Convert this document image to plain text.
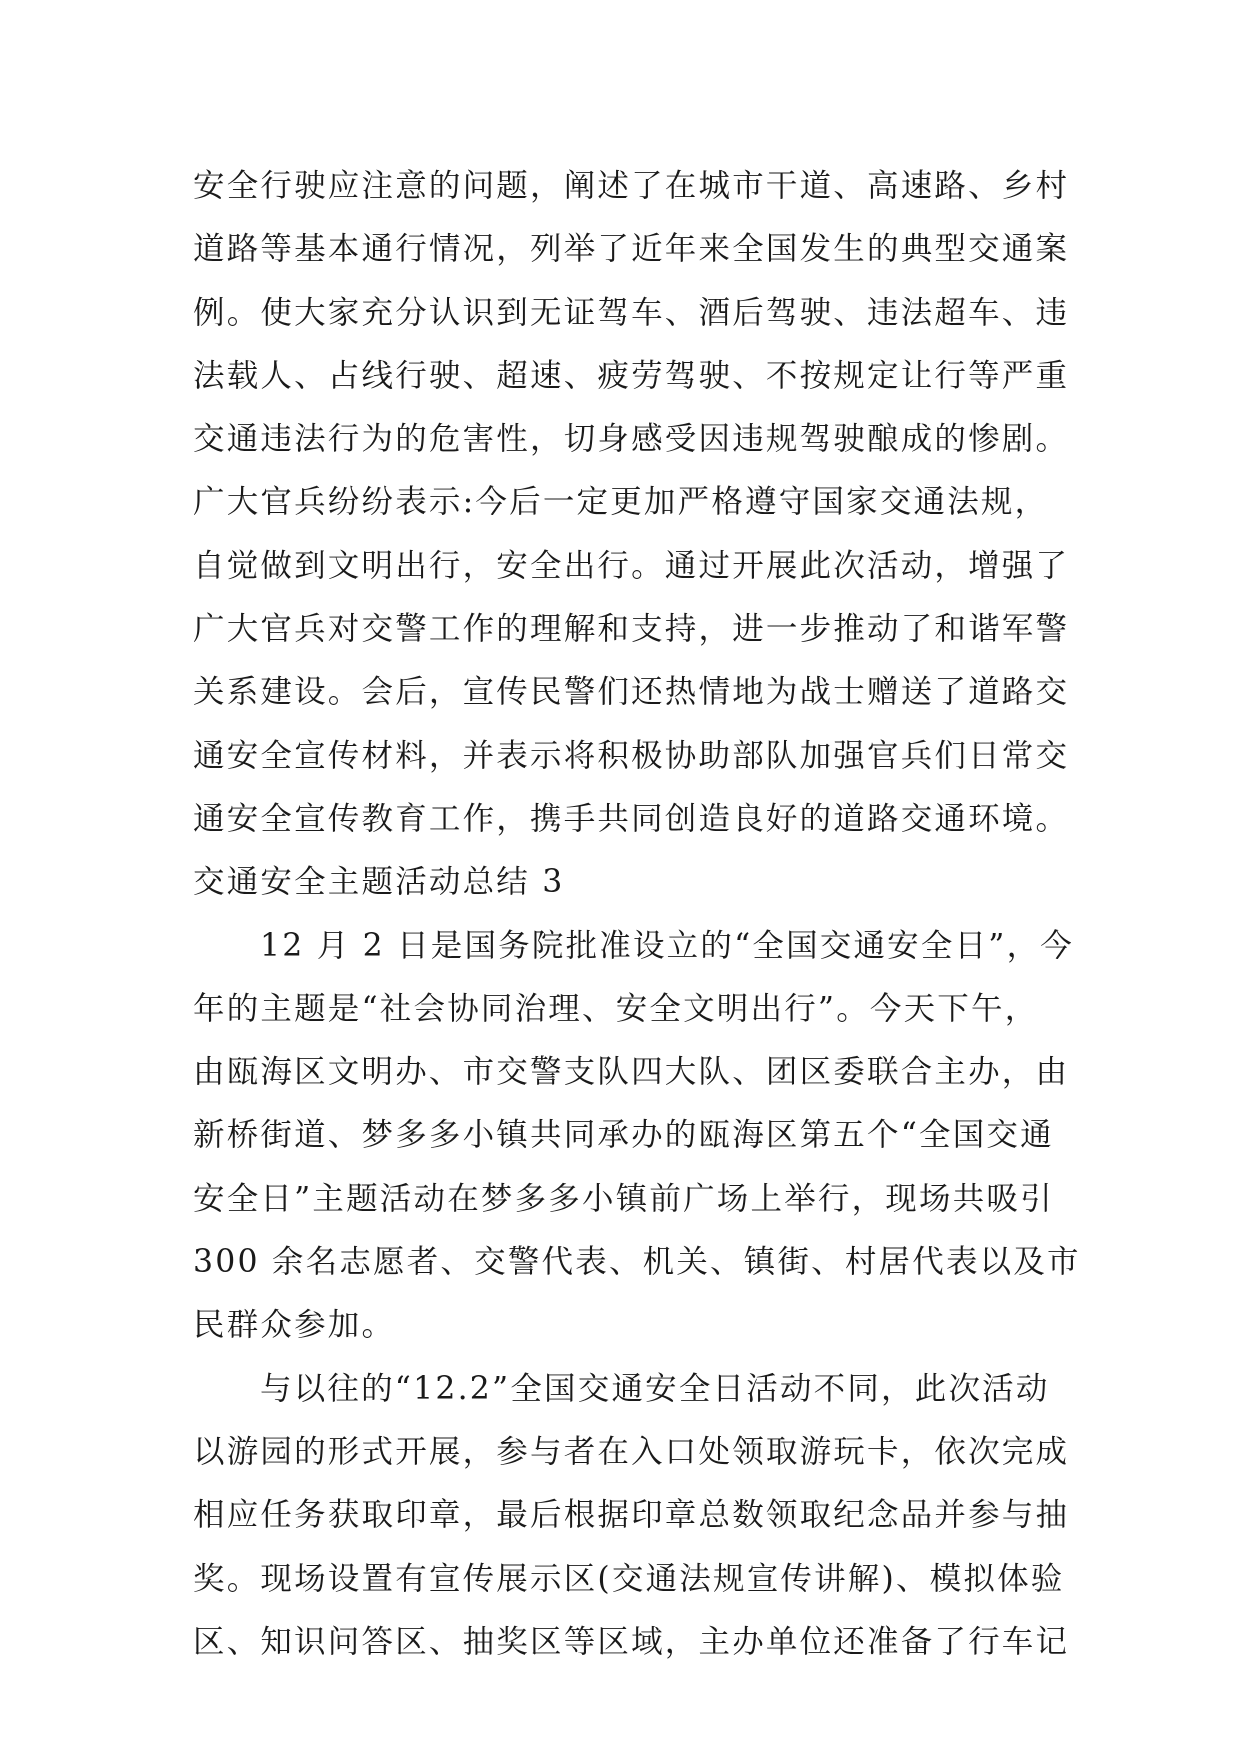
安全行驶应注意的问题，阐述了在城市干道、高速路、乡村
道路等基本通行情况，列举了近年来全国发生的典型交通案
例。使大家充分认识到无证驾车、酒后驾驶、违法超车、违
法载人、占线行驶、超速、疲劳驾驶、不按规定让行等严重
交通违法行为的危害性，切身感受因违规驾驶酿成的惨剧。
广大官兵纷纷表示:今后一定更加严格遵守国家交通法规，
自觉做到文明出行，安全出行。通过开展此次活动，增强了
广大官兵对交警工作的理解和支持，进一步推动了和谐军警
关系建设。会后，宣传民警们还热情地为战士赠送了道路交
通安全宣传材料，并表示将积极协助部队加强官兵们日常交
通安全宣传教育工作，携手共同创造良好的道路交通环境。
交通安全主题活动总结 3
12 月 2 日是国务院批准设立的“全国交通安全日”，今
年的主题是“社会协同治理、安全文明出行”。今天下午，
由瓯海区文明办、市交警支队四大队、团区委联合主办，由
新桥街道、梦多多小镇共同承办的瓯海区第五个“全国交通
安全日”主题活动在梦多多小镇前广场上举行，现场共吸引
300 余名志愿者、交警代表、机关、镇街、村居代表以及市
民群众参加。
与以往的“12.2”全国交通安全日活动不同，此次活动
以游园的形式开展，参与者在入口处领取游玩卡，依次完成
相应任务获取印章，最后根据印章总数领取纪念品并参与抽
奖。现场设置有宣传展示区(交通法规宣传讲解)、模拟体验
区、知识问答区、抽奖区等区域，主办单位还准备了行车记
